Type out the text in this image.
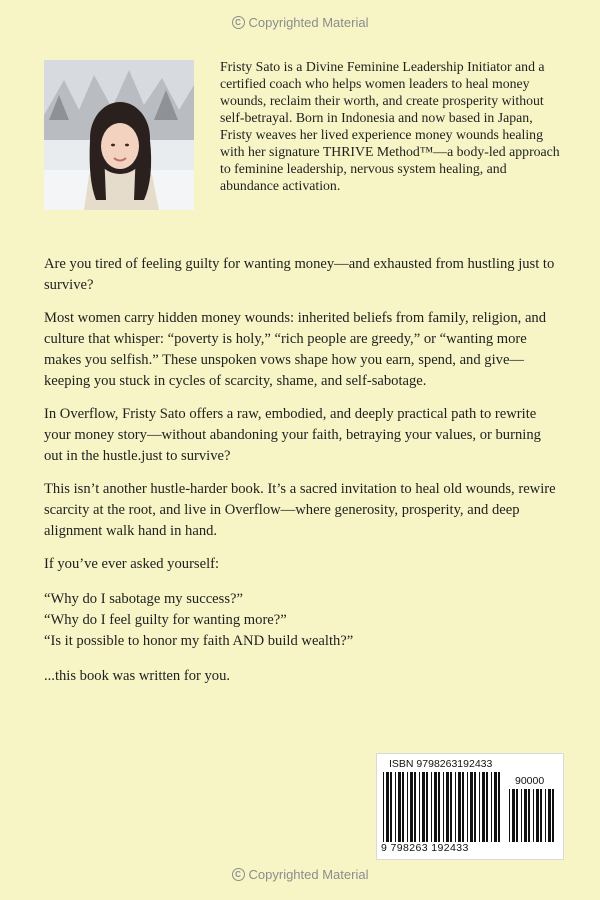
C Copyrighted Material

Fristy Sato is a Divine Feminine Leadership Initiator and a certified coach who helps women leaders to heal money wounds, reclaim their worth, and create prosperity without self-betrayal. Born in Indonesia and now based in Japan, Fristy weaves her lived experience money wounds healing with her signature THRIVE Method™—a body-led approach to feminine leadership, nervous system healing, and abundance activation.

Are you tired of feeling guilty for wanting money—and exhausted from hustling just to survive?

Most women carry hidden money wounds: inherited beliefs from family, religion, and culture that whisper: “poverty is holy,” “rich people are greedy,” or “wanting more makes you selfish.” These unspoken vows shape how you earn, spend, and give—keeping you stuck in cycles of scarcity, shame, and self-sabotage.

In Overflow, Fristy Sato offers a raw, embodied, and deeply practical path to rewrite your money story—without abandoning your faith, betraying your values, or burning out in the hustle.just to survive?

This isn’t another hustle-harder book. It’s a sacred invitation to heal old wounds, rewire scarcity at the root, and live in Overflow—where generosity, prosperity, and deep alignment walk hand in hand.

If you’ve ever asked yourself:

“Why do I sabotage my success?”

“Why do I feel guilty for wanting more?”

“Is it possible to honor my faith AND build wealth?”

...this book was written for you.

ISBN 9798263192433
90000
9 798263 192433
C Copyrighted Material
